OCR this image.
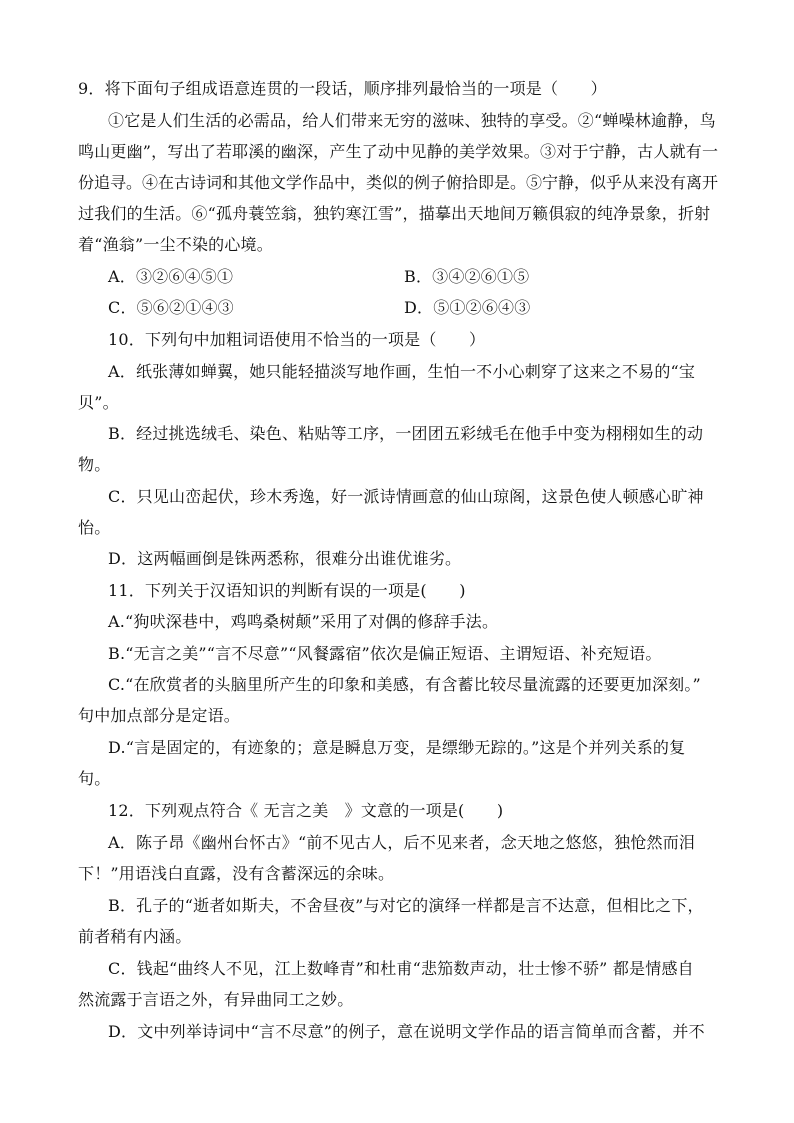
9．将下面句子组成语意连贯的一段话，顺序排列最恰当的一项是（　　）
①它是人们生活的必需品，给人们带来无穷的滋味、独特的享受。②“蝉噪林逾静，鸟
鸣山更幽”，写出了若耶溪的幽深，产生了动中见静的美学效果。③对于宁静，古人就有一
份追寻。④在古诗词和其他文学作品中，类似的例子俯拾即是。⑤宁静，似乎从来没有离开
过我们的生活。⑥“孤舟蓑笠翁，独钓寒江雪”，描摹出天地间万籁俱寂的纯净景象，折射
着“渔翁”一尘不染的心境。
A．③②⑥④⑤①	B．③④②⑥①⑤
C．⑤⑥②①④③	D．⑤①②⑥④③
10．下列句中加粗词语使用不恰当的一项是（　　）
A．纸张薄如蝉翼，她只能轻描淡写地作画，生怕一不小心刺穿了这来之不易的“宝
贝”。
B．经过挑选绒毛、染色、粘贴等工序，一团团五彩绒毛在他手中变为栩栩如生的动
物。
C．只见山峦起伏，珍木秀逸，好一派诗情画意的仙山琼阁，这景色使人顿感心旷神
怡。
D．这两幅画倒是铢两悉称，很难分出谁优谁劣。
11．下列关于汉语知识的判断有误的一项是(　　)
A.“狗吠深巷中，鸡鸣桑树颠”采用了对偶的修辞手法。
B.“无言之美”“言不尽意”“风餐露宿”依次是偏正短语、主谓短语、补充短语。
C.“在欣赏者的头脑里所产生的印象和美感，有含蓄比较尽量流露的还要更加深刻。”
句中加点部分是定语。
D.“言是固定的，有迹象的；意是瞬息万变，是缥缈无踪的。”这是个并列关系的复
句。
12．下列观点符合《 无言之美　》文意的一项是(　　)
A．陈子昂《幽州台怀古》“前不见古人，后不见来者，念天地之悠悠，独怆然而泪
下！”用语浅白直露，没有含蓄深远的余味。
B．孔子的“逝者如斯夫，不舍昼夜”与对它的演绎一样都是言不达意，但相比之下，
前者稍有内涵。
C．钱起“曲终人不见，江上数峰青”和杜甫“悲笳数声动，壮士惨不骄” 都是情感自
然流露于言语之外，有异曲同工之妙。
D．文中列举诗词中“言不尽意”的例子，意在说明文学作品的语言简单而含蓄，并不
